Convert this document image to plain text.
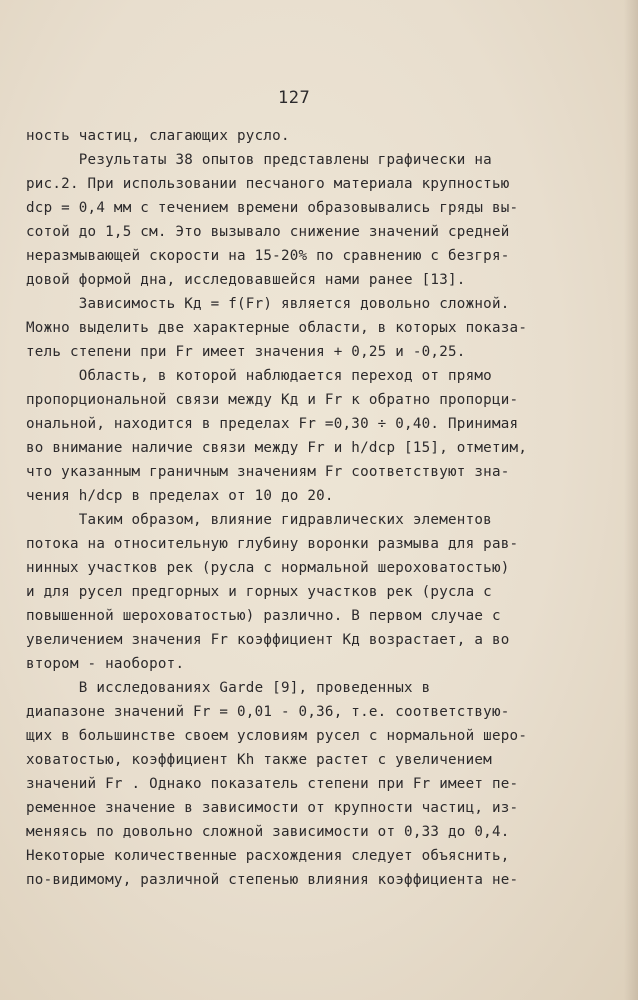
127
ность частиц, слагающих русло.
Результаты 38 опытов представлены графически на
рис.2. При использовании песчаного материала крупностью
dср = 0,4 мм с течением времени образовывались гряды вы-
сотой до 1,5 см. Это вызывало снижение значений средней
неразмывающей скорости на 15-20% по сравнению с безгря-
довой формой дна, исследовавшейся нами ранее [13].
Зависимость Kд = f(Fr) является довольно сложной.
Можно выделить две характерные области, в которых показа-
тель степени при Fr имеет значения + 0,25 и -0,25.
Область, в которой наблюдается переход от прямо
пропорциональной связи между Kд и Fr к обратно пропорци-
ональной, находится в пределах Fr =0,30 ÷ 0,40. Принимая
во внимание наличие связи между Fr и h/dср [15], отметим,
что указанным граничным значениям Fr соответствуют зна-
чения h/dср в пределах от 10 до 20.
Таким образом, влияние гидравлических элементов
потока на относительную глубину воронки размыва для рав-
нинных участков рек (русла с нормальной шероховатостью)
и для русел предгорных и горных участков рек (русла с
повышенной шероховатостью) различно. В первом случае с
увеличением значения Fr коэффициент Kд возрастает, а во
втором - наоборот.
В исследованиях Garde [9], проведенных в
диапазоне значений Fr = 0,01 - 0,36, т.е. соответствую-
щих в большинстве своем условиям русел с нормальной шеро-
ховатостью, коэффициент Kh также растет с увеличением
значений Fr . Однако показатель степени при Fr имеет пе-
ременное значение в зависимости от крупности частиц, из-
меняясь по довольно сложной зависимости от 0,33 до 0,4.
Некоторые количественные расхождения следует объяснить,
по-видимому, различной степенью влияния коэффициента не-
